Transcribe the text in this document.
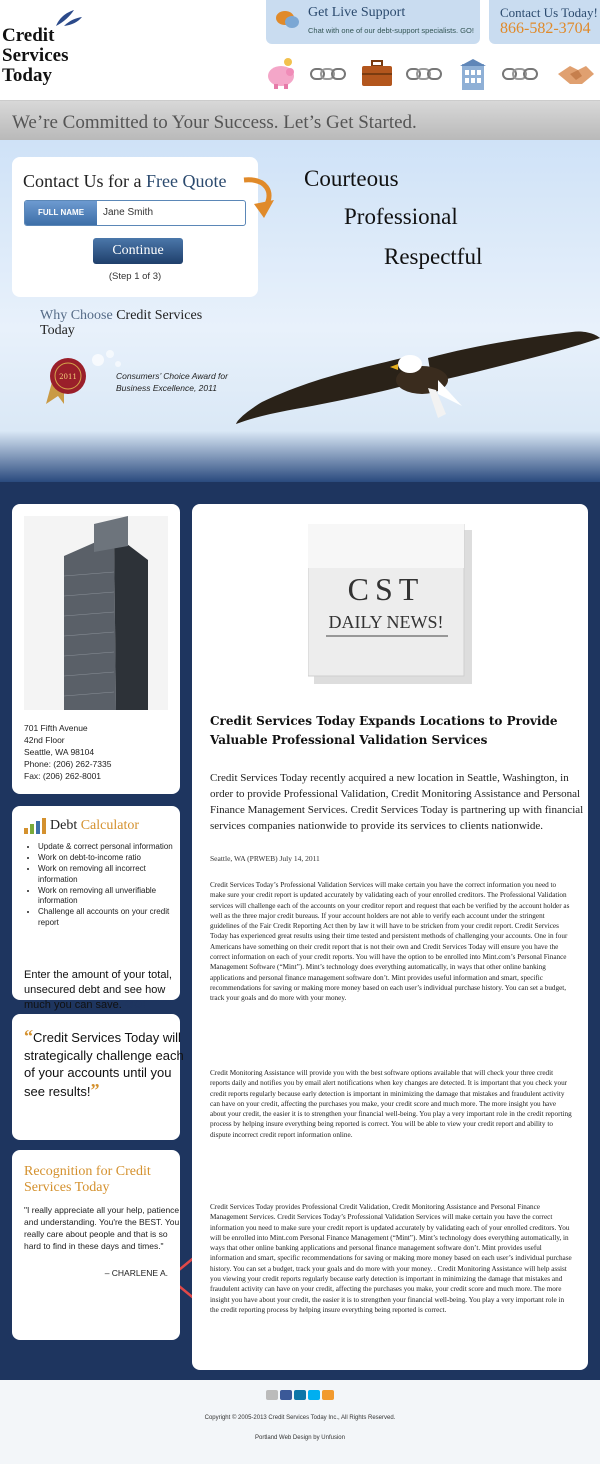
Credit
Services
Today
Get Live Support
Chat with one of our debt-support specialists. GO!
Contact Us Today!
866-582-3704
We’re Committed to Your Success. Let’s Get Started.
Contact Us for a Free Quote
FULL NAME
Jane Smith
Continue
(Step 1 of 3)
Courteous
Professional
Respectful
Why Choose Credit Services Today
2011	Consumers’ Choice Award for Business Excellence, 2011
701 Fifth Avenue
42nd Floor
Seattle, WA 98104
Phone: (206) 262-7335
Fax: (206) 262-8001
Debt Calculator
• Update & correct personal information
• Work on debt-to-income ratio
• Work on removing all incorrect information
• Work on removing all unverifiable information
• Challenge all accounts on your credit report
Enter the amount of your total, unsecured debt and see how much you can save. GO!
“Credit Services Today will strategically challenge each of your accounts until you see results!”
Recognition for Credit Services Today
"I really appreciate all your help, patience and understanding. You're the BEST. You really care about people and that is so hard to find in these days and times."
– CHARLENE A.
CST
DAILY NEWS!
Credit Services Today Expands Locations to Provide Valuable Professional Validation Services
Credit Services Today recently acquired a new location in Seattle, Washington, in order to provide Professional Validation, Credit Monitoring Assistance and Personal Finance Management Services. Credit Services Today is partnering up with financial services companies nationwide to provide its services to clients nationwide.
Seattle, WA (PRWEB) July 14, 2011
Credit Services Today’s Professional Validation Services will make certain you have the correct information you need to make sure your credit report is updated accurately by validating each of your enrolled creditors. The Professional Validation services will challenge each of the accounts on your creditor report and request that each be verified by the account holder as well as the three major credit bureaus. If your account holders are not able to verify each account under the stringent guidelines of the Fair Credit Reporting Act then by law it will have to be stricken from your credit report. Credit Services Today has experienced great results using their time tested and persistent methods of challenging your accounts. One in four Americans have something on their credit report that is not their own and Credit Services Today will ensure you have the correct information on each of your credit reports. You will have the option to be enrolled into Mint.com’s Personal Finance Management Software (“Mint”). Mint’s technology does everything automatically, in ways that other online banking applications and personal finance management software don’t. Mint provides useful information and smart, specific recommendations for saving or making more money based on each user’s individual purchase history. You can set a budget, track your goals and do more with your money.
Credit Monitoring Assistance will provide you with the best software options available that will check your three credit reports daily and notifies you by email alert notifications when key changes are detected. It is important that you check your credit reports regularly because early detection is important in minimizing the damage that mistakes and fraudulent activity can have on your credit, affecting the purchases you make, your credit score and much more. The more insight you have about your credit, the easier it is to strengthen your financial well-being. You play a very important role in the credit reporting process by helping insure everything being reported is correct. You will be able to view your credit report and ability to dispute incorrect credit report information online.
Credit Services Today provides Professional Credit Validation, Credit Monitoring Assistance and Personal Finance Management Services. Credit Services Today’s Professional Validation Services will make certain you have the correct information you need to make sure your credit report is updated accurately by validating each of your enrolled creditors. You will be enrolled into Mint.com Personal Finance Management (“Mint”). Mint’s technology does everything automatically, in ways that other online banking applications and personal finance management software don’t. Mint provides useful information and smart, specific recommendations for saving or making more money based on each user’s individual purchase history. You can set a budget, track your goals and do more with your money. . Credit Monitoring Assistance will help assist you viewing your credit reports regularly because early detection is important in minimizing the damage that mistakes and fraudulent activity can have on your credit, affecting the purchases you make, your credit score and much more. The more insight you have about your credit, the easier it is to strengthen your financial well-being. You play a very important role in the credit reporting process by helping insure everything being reported is correct.
Copyright © 2005-2013 Credit Services Today Inc., All Rights Reserved.
Portland Web Design by Unfusion
